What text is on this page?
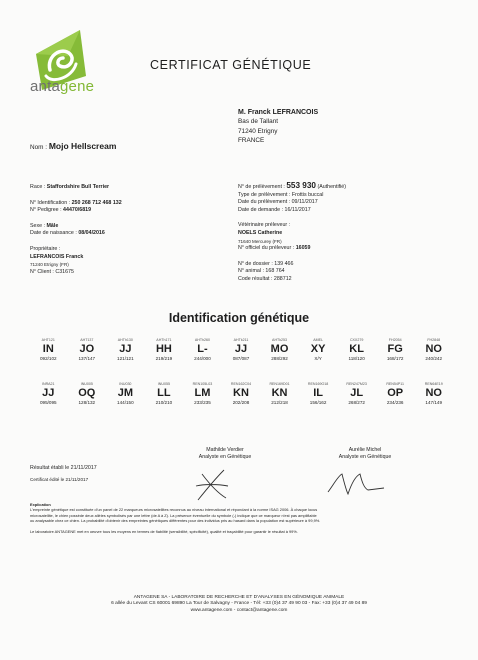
antagene
CERTIFICAT GÉNÉTIQUE
M. Franck LEFRANCOIS
Bas de Tallant
71240 Etrigny
FRANCE
Nom : Mojo Hellscream
Race : Staffordshire Bull Terrier
N° Identification : 250 268 712 468 132
N° Pedigree : 44470/6819
Sexe : Mâle
Date de naissance : 08/04/2016
Propriétaire :
LEFRANCOIS Franck
71240 Etrigny (FR)
N° Client : C31675
N° de prélèvement : 553 930 (Authentifié)
Type de prélèvement : Frottis buccal
Date du prélèvement : 09/11/2017
Date de demande : 16/11/2017
Vétérinaire préleveur :
NOELS Catherine
71640 Mercurey (FR)
N° officiel du préleveur : 16059
N° de dossier : 139 466
N° animal : 168 764
Code résultat : 288712
Identification génétique
AHT121	AHT137	AHTh130	AHTh171	AHTh260	AHTk211	AHTk253	AMEL	CXX279	FH2054	FH2848
IN	JO	JJ	HH	L-	JJ	MO	XY	KL	FG	NO
092/102	137/147	121/121	219/219	244/000	087/087	288/292	X/Y	118/120	168/172	240/242
INRA21	INU005	INU030	INU055	REN105L03	REN162C04	REN169D01	REN169O18	REN247M23	REN54P11	REN64E19
JJ	OQ	JM	LL	LM	KN	KN	IL	JL	OP	NO
095/095	128/132	144/150	210/210	233/235	202/208	212/218	156/162	268/272	234/236	147/149
Mathilde Verdier
Analyste en Génétique
Aurélie Michel
Analyste en Génétique
Résultat établi le 21/11/2017
Certificat édité le 21/11/2017
Explication
L'empreinte génétique est constituée d'un panel de 22 marqueurs microsatellites reconnus au niveau international et répondant à la norme ISAG 2006. À chaque locus
microsatellite, le chien possède deux allèles symbolisés par une lettre (de A à Z). La présence éventuelle du symbole (-) indique que ce marqueur n'est pas amplifiable
ou analysable chez ce chien. La probabilité d'obtenir des empreintes génétiques différentes pour des individus pris au hasard dans la population est supérieure à 99,9%.
Le laboratoire ANTAGENE met en oeuvre tous les moyens en termes de fiabilité (sensibilité, spécificité), qualité et traçabilité pour garantir le résultat à 99%.
ANTAGENE SA - LABORATOIRE DE RECHERCHE ET D'ANALYSES EN GÉNOMIQUE ANIMALE
6 allée du Levant CS 60001 69890 La Tour de Salvagny - France - Tél: +33 (0)4 37 49 90 03 - Fax: +33 (0)4 37 49 04 89
www.antagene.com - contact@antagene.com
